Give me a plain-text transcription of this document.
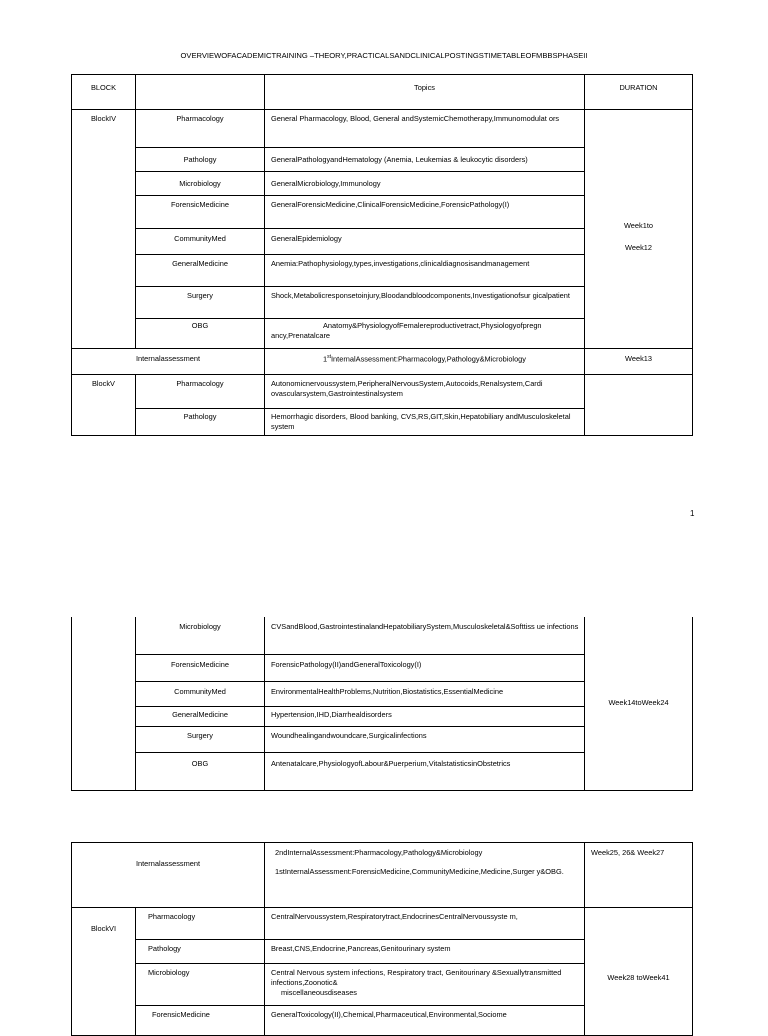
OVERVIEWOFACADEMICTRAINING –THEORY,PRACTICALSANDCLINICALPOSTINGSTIMETABLEOFMBBSPHASEII
BLOCK		Topics	DURATION
BlockIV	Pharmacology	General Pharmacology, Blood, General andSystemicChemotherapy,Immunomodulat ors	Week1to
Week12

	Pathology	GeneralPathologyandHematology (Anemia, Leukemias & leukocytic disorders)	
	Microbiology	GeneralMicrobiology,Immunology	
	ForensicMedicine	GeneralForensicMedicine,ClinicalForensicMedicine,ForensicPathology(I)	
	CommunityMed	GeneralEpidemiology	
	GeneralMedicine	Anemia:Pathophysiology,types,investigations,clinicaldiagnosisandmanagement	
	Surgery	Shock,Metabolicresponsetoinjury,Bloodandbloodcomponents,Investigationofsur gicalpatient	
	OBG	Anatomy&PhysiologyofFemalereproductivetract,Physiologyofpregn ancy,Prenatalcare	
Internalassessment		1stInternalAssessment:Pharmacology,Pathology&Microbiology	Week13
BlockV	Pharmacology	Autonomicnervoussystem,PeripheralNervousSystem,Autocoids,Renalsystem,Cardi ovascularsystem,Gastrointestinalsystem	
	Pathology	Hemorrhagic disorders, Blood banking, CVS,RS,GIT,Skin,Hepatobiliary andMusculoskeletal system	
1
	Microbiology	CVSandBlood,GastrointestinalandHepatobiliarySystem,Musculoskeletal&Softtiss ue infections	Week14toWeek24
	ForensicMedicine	ForensicPathology(II)andGeneralToxicology(I)	
	CommunityMed	EnvironmentalHealthProblems,Nutrition,Biostatistics,EssentialMedicine	
	GeneralMedicine	Hypertension,IHD,Diarrhealdisorders	
	Surgery	Woundhealingandwoundcare,Surgicalinfections	
	OBG	Antenatalcare,PhysiologyofLabour&Puerperium,VitalstatisticsinObstetrics	
Internalassessment		2ndInternalAssessment:Pharmacology,Pathology&Microbiology
1stInternalAssessment:ForensicMedicine,CommunityMedicine,Medicine,Surger y&OBG.	Week25, 26& Week27
BlockVI	Pharmacology	CentralNervoussystem,Respiratorytract,EndocrinesCentralNervoussyste m,	Week28 toWeek41
	Pathology	Breast,CNS,Endocrine,Pancreas,Genitourinary system	
	Microbiology	Central Nervous system infections, Respiratory tract, Genitourinary &Sexuallytransmitted infections,Zoonotic&
miscellaneousdiseases	

	ForensicMedicine	GeneralToxicology(II),Chemical,Pharmaceutical,Environmental,Sociome	
